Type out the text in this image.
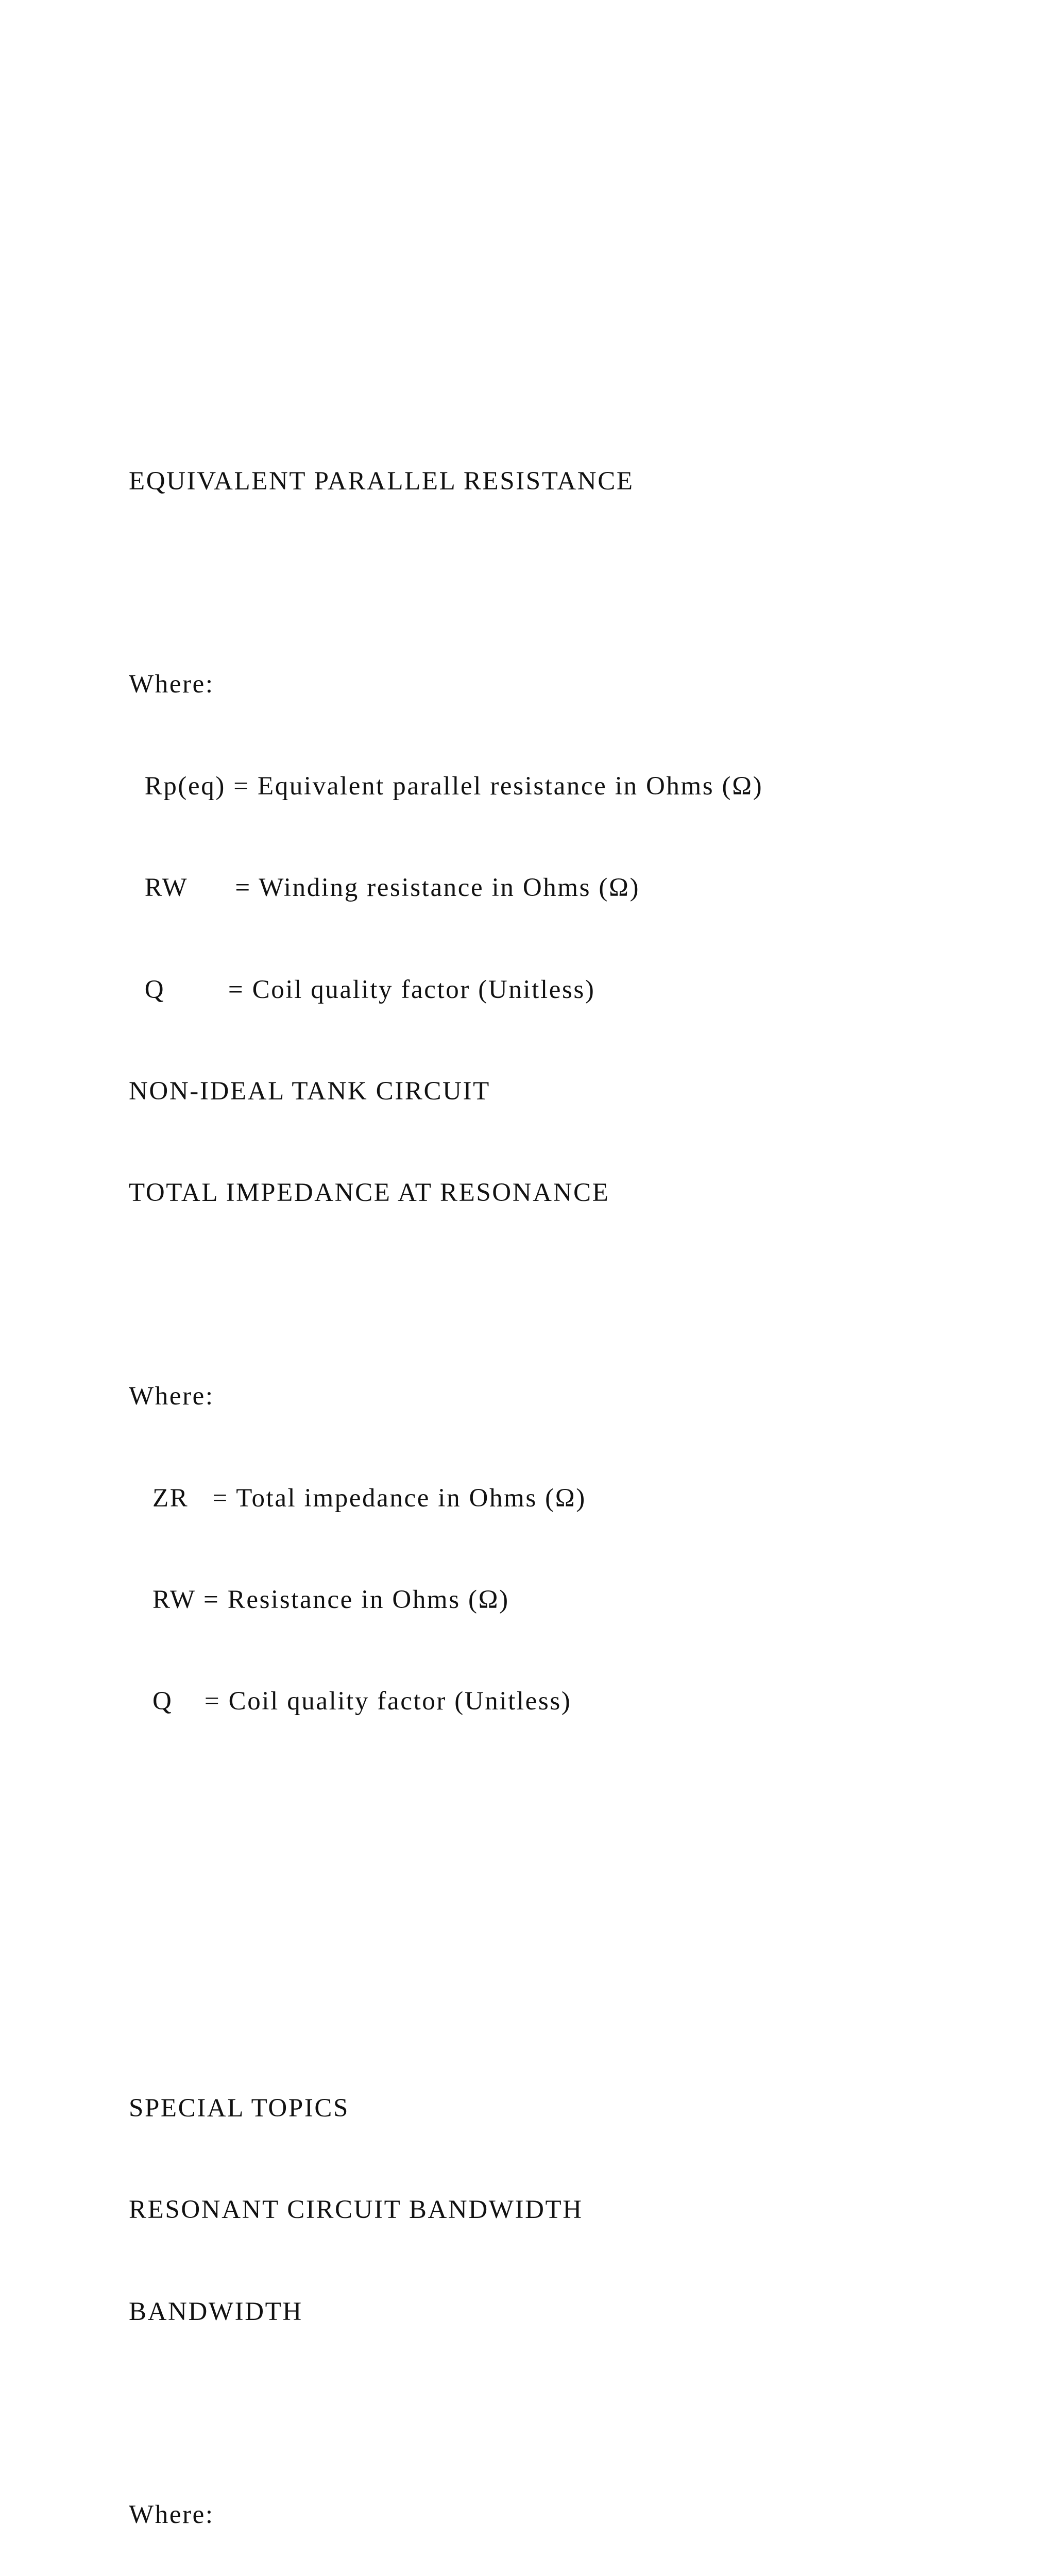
EQUIVALENT PARALLEL RESISTANCE

Where:

Rp(eq) = Equivalent parallel resistance in Ohms (Ω)

RW      = Winding resistance in Ohms (Ω)

Q        = Coil quality factor (Unitless)

NON-IDEAL TANK CIRCUIT

TOTAL IMPEDANCE AT RESONANCE

Where:

ZR   = Total impedance in Ohms (Ω)

RW = Resistance in Ohms (Ω)

Q    = Coil quality factor (Unitless)

SPECIAL TOPICS

RESONANT CIRCUIT BANDWIDTH

BANDWIDTH

Where:
